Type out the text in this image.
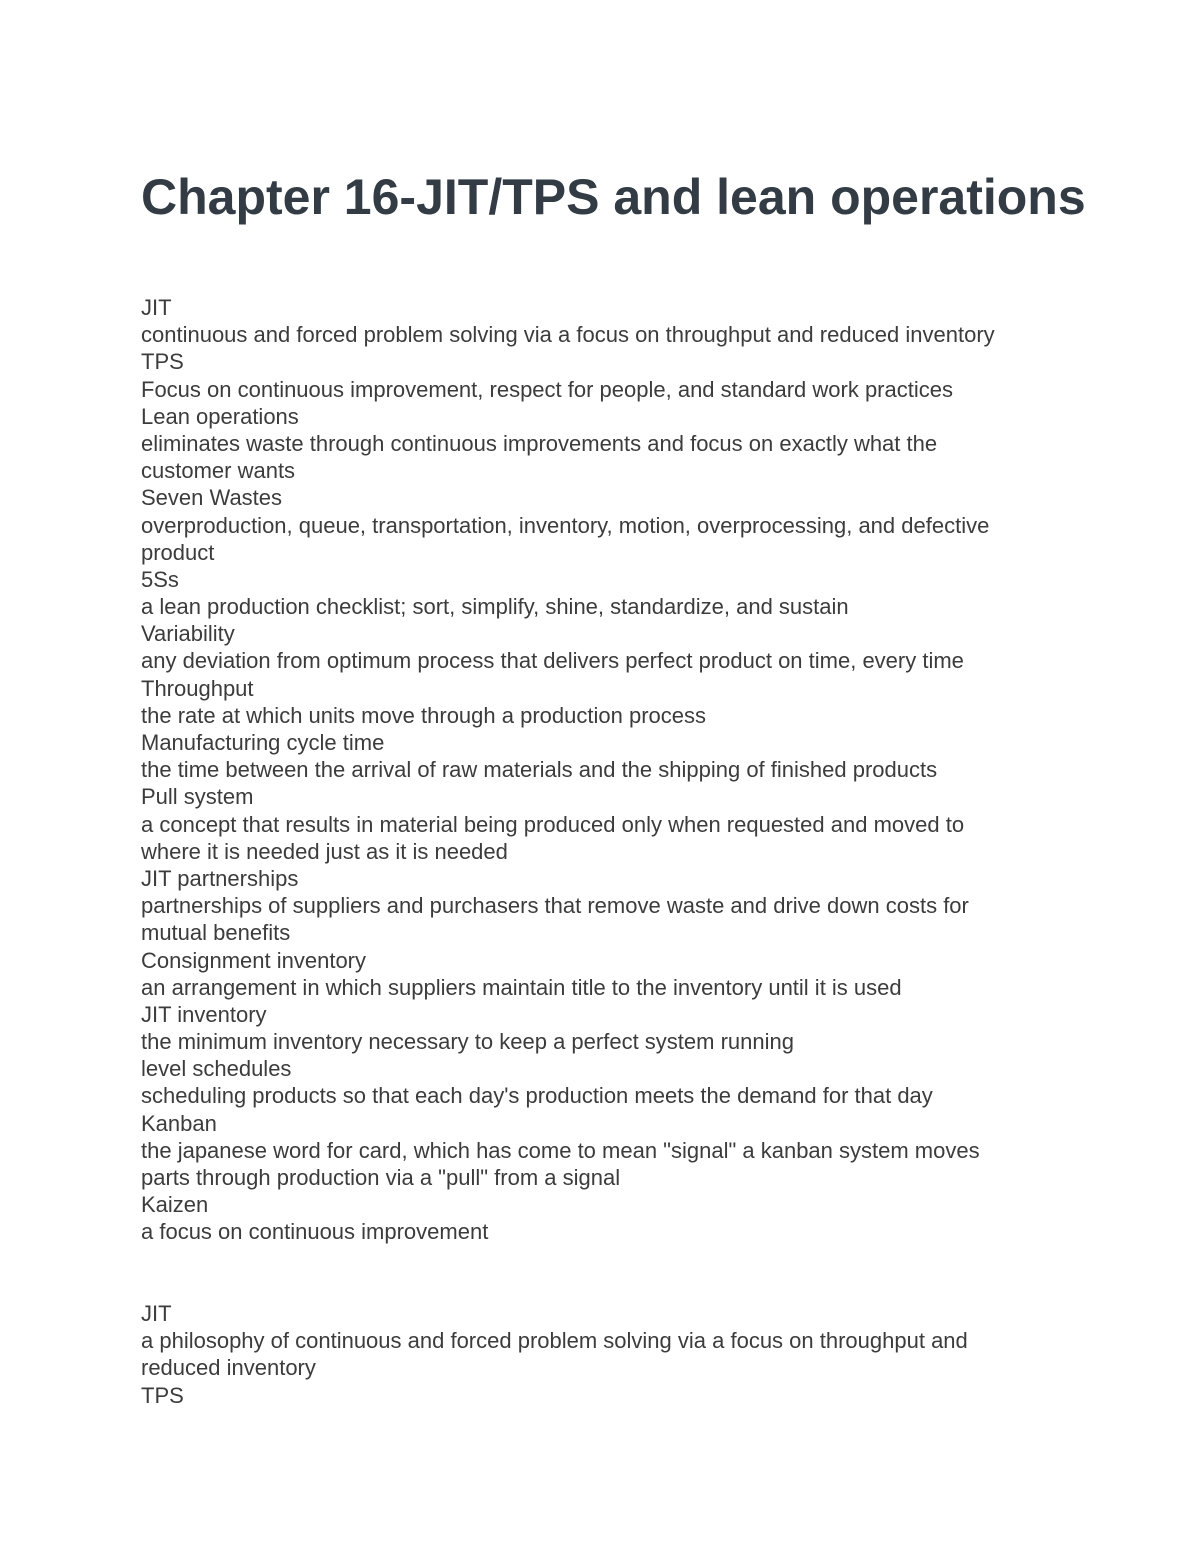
Chapter 16-JIT/TPS and lean operations
JIT
continuous and forced problem solving via a focus on throughput and reduced inventory
TPS
Focus on continuous improvement, respect for people, and standard work practices
Lean operations
eliminates waste through continuous improvements and focus on exactly what the
customer wants
Seven Wastes
overproduction, queue, transportation, inventory, motion, overprocessing, and defective
product
5Ss
a lean production checklist; sort, simplify, shine, standardize, and sustain
Variability
any deviation from optimum process that delivers perfect product on time, every time
Throughput
the rate at which units move through a production process
Manufacturing cycle time
the time between the arrival of raw materials and the shipping of finished products
Pull system
a concept that results in material being produced only when requested and moved to
where it is needed just as it is needed
JIT partnerships
partnerships of suppliers and purchasers that remove waste and drive down costs for
mutual benefits
Consignment inventory
an arrangement in which suppliers maintain title to the inventory until it is used
JIT inventory
the minimum inventory necessary to keep a perfect system running
level schedules
scheduling products so that each day's production meets the demand for that day
Kanban
the japanese word for card, which has come to mean "signal" a kanban system moves
parts through production via a "pull" from a signal
Kaizen
a focus on continuous improvement
JIT
a philosophy of continuous and forced problem solving via a focus on throughput and
reduced inventory
TPS
